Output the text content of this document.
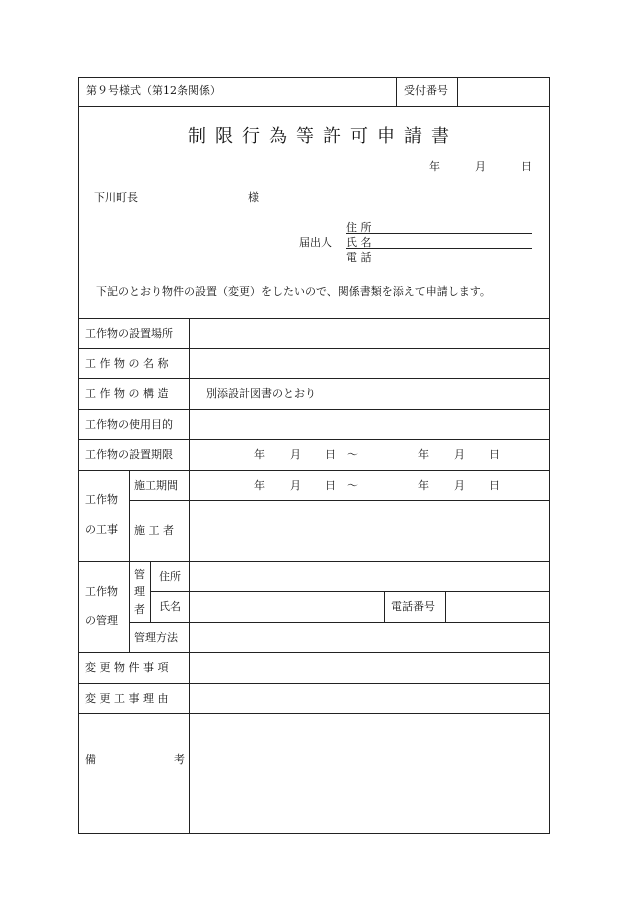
第９号様式（第12条関係）	受付番号
制限行為等許可申請書
年	月	日
下川町長	様
住 所
届出人 氏 名
電 話
下記のとおり物件の設置（変更）をしたいので、関係書類を添えて申請します。
工作物の設置場所
工 作 物 の 名 称
工 作 物 の 構 造	別添設計図書のとおり
工作物の使用目的
工作物の設置期限	年 月 日 ～	年 月 日
工作物
の工事
施工期間	年 月 日 ～	年 月 日
施 工 者
工作物
の管理
管
理
者
住所
氏名	電話番号
管理方法
変 更 物 件 事 項
変 更 工 事 理 由
備	考
